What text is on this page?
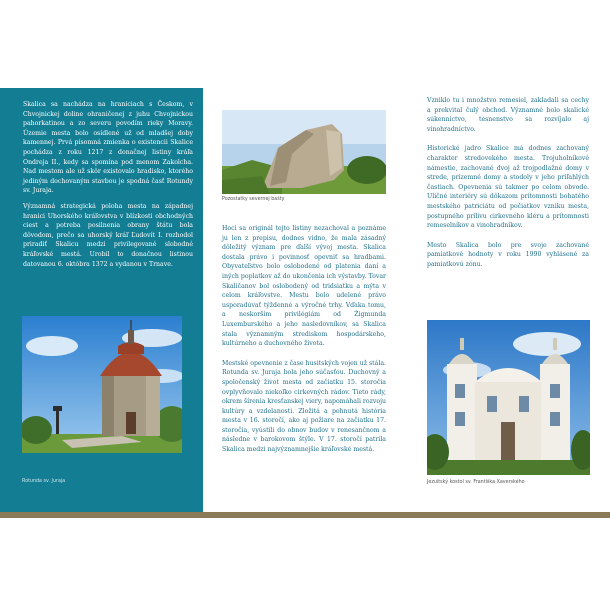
Skalica sa nachádza na hraniciach s Českom, v Chvojnickej doline ohraničenej z juhu Chvojnickou pahorkatinou a zo severu povodím rieky Moravy. Územie mesta bolo osídlené už od mladšej doby kamennej. Prvá písomná zmienka o existencii Skalice pochádza z roku 1217 z donačnej listiny kráľa Ondreja II., kedy sa spomína pod menom Zakolcha. Nad mestom ale už skôr existovalo hradisko, ktorého jediným dochovaným stavbou je spodná časť Rotundy sv. Juraja.

Významná strategická poloha mesta na západnej hranici Uhorského kráľovstva v blízkosti obchodných ciest a potreba posilnenia obrany štátu bola dôvodom, prečo sa uhorský kráľ Ľudovít I. rozhodol priradiť Skalicu medzi privilegované slobodné kráľovské mestá. Urobil to donačnou listinou datovanou 6. októbra 1372 a vydanou v Trnave.

Rotunda sv. Juraja
Pozostatky severnej bašty

Hoci sa originál tejto listiny nezachoval a poznáme ju len z prepisu, dodnes vidno, že mala zásadný dôležitý význam pre ďalší vývoj mesta. Skalica dostala právo i povinnosť opevniť sa hradbami. Obyvateľstvo bolo oslobodené od platenia daní a iných poplatkov až do ukončenia ich výstavby. Tovar Skaličanov bol oslobodený od tridsiatku a mýta v celom kráľovstve. Mestu bolo udelené právo usporadúvať týždenné a výročné trhy. Vďaka tomu, a neskorším privilégiám od Žigmunda Luxemburského a jeho nasledovníkov, sa Skalica stala významným strediskom hospodárskeho, kultúrneho a duchovného života.

Mestské opevnenie z čase husitských vojen už stála. Rotunda sv. Juraja bola jeho súčasťou. Duchovný a spoločenský život mesta od začiatku 15. storočia ovplyvňovalo niekoľko cirkevných rádov. Tieto rády, okrem šírenia kresťanskej viery, napomáhali rozvoju kultúry a vzdelanosti. Zložitá a pohnutá história mesta v 16. storočí, ako aj požiare na začiatku 17. storočia, vyústili do obnov budov v renesančnom a následne v barokovom štýle. V 17. storočí patrila Skalica medzi najvýznamnejšie kráľovské mestá.

Vzniklo tu i množstvo remesiel, zakladali sa cechy a prekvital čulý obchod. Významné bolo skalické súkenníctvo, tesnenstvo sa rozvíjalo aj vinohradníctvo.

Historické jadro Skalice má dodnes zachovaný charakter stredovekého mesta. Trojuholníkové námestie, zachované dvoj až trojpodlažné domy v strede, prízemné domy a stodoly v jeho priľahlých častiach. Opevnenia sú takmer po celom obvode. Uličné interiéry sú dôkazom prítomnosti bohatého mestského patriciátu od počiatkov vzniku mesta, postupného prílivu cirkevného kléru a prítomnosti remeselníkov a vinohradníkov.

Mesto Skalica bolo pre svoje zachované pamiatkové hodnoty v roku 1990 vyhlásené za pamiatkovú zónu.

Jezuitský kostol sv. Františka Xaverského
